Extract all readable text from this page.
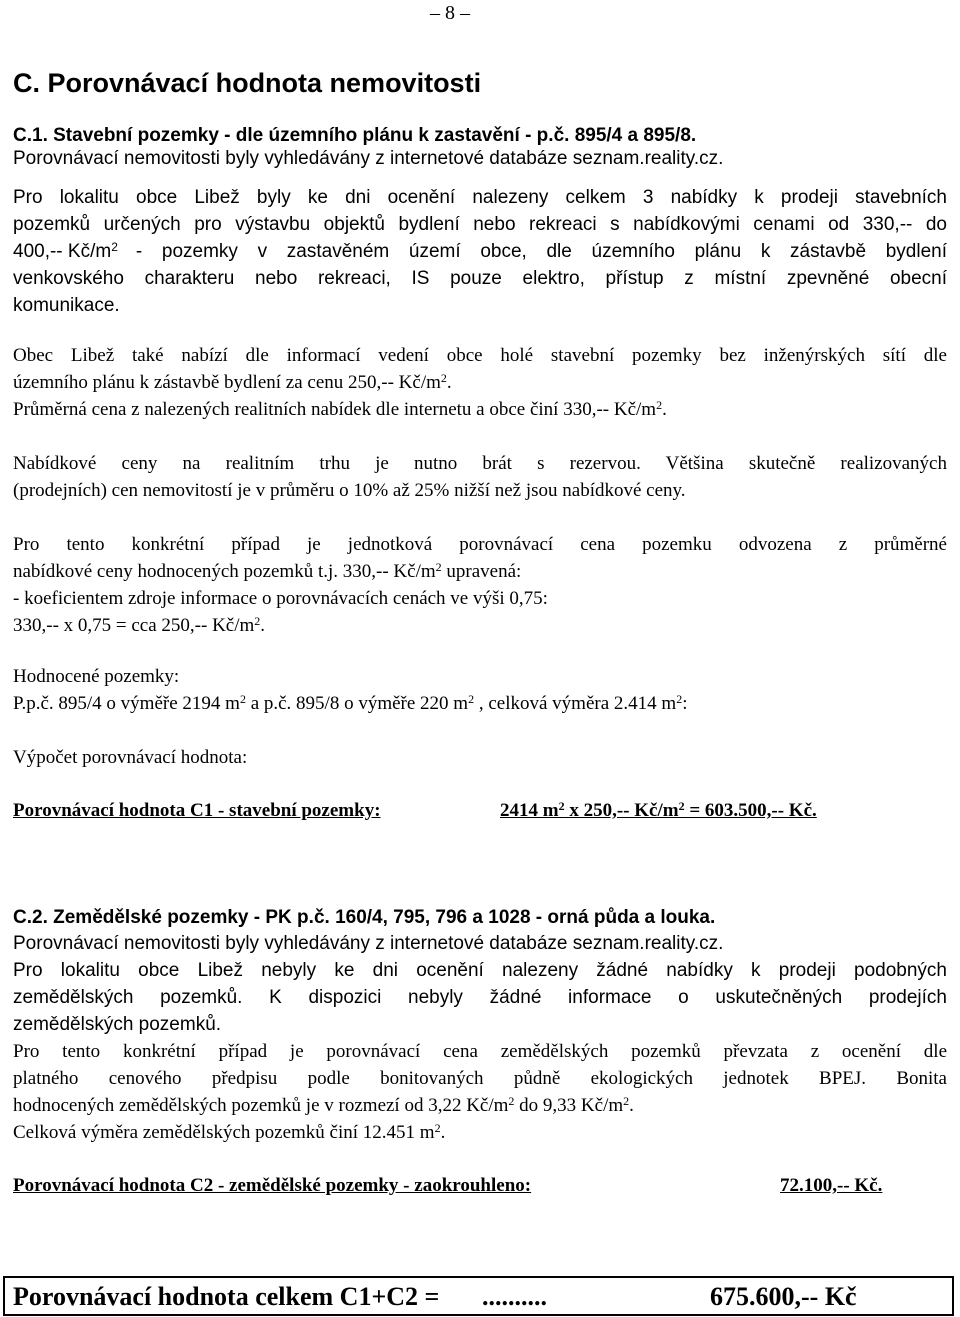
– 8 –
C. Porovnávací hodnota nemovitosti
C.1. Stavební pozemky - dle územního plánu k zastavění - p.č. 895/4 a 895/8.
Porovnávací nemovitosti byly vyhledávány z internetové databáze seznam.reality.cz.
Pro lokalitu obce Libež byly ke dni ocenění nalezeny celkem 3 nabídky k prodeji stavebních
pozemků určených pro výstavbu objektů bydlení nebo rekreaci s nabídkovými cenami od 330,-- do
400,-- $Kč/m^2$ - pozemky v zastavěném území obce, dle územního plánu k zástavbě bydlení
venkovského charakteru nebo rekreaci, IS pouze elektro, přístup z místní zpevněné obecní
komunikace.
Obec Libež také nabízí dle informací vedení obce holé stavební pozemky bez inženýrských sítí dle
územního plánu k zástavbě bydlení za cenu 250,-- $Kč/m^2$.
Průměrná cena z nalezených realitních nabídek dle internetu a obce činí 330,-- $Kč/m^2$.
Nabídkové ceny na realitním trhu je nutno brát s rezervou. Většina skutečně realizovaných
(prodejních) cen nemovitostí je v průměru o 10% až 25% nižší než jsou nabídkové ceny.
Pro tento konkrétní případ je jednotková porovnávací cena pozemku odvozena z průměrné
nabídkové ceny hodnocených pozemků t.j. 330,-- $Kč/m^2$ upravená:
- koeficientem zdroje informace o porovnávacích cenách ve výši 0,75:
330,-- x 0,75 = cca 250,-- $Kč/m^2$.
Hodnocené pozemky:
P.p.č. 895/4 o výměře 2194 $m^2$ a p.č. 895/8 o výměře 220 $m^2$ , celková výměra 2.414 $m^2$:
Výpočet porovnávací hodnota:
Porovnávací hodnota C1 - stavební pozemky:	2414 $m^2$ x 250,-- $Kč/m^2 = 603.500,--$ Kč.
C.2. Zemědělské pozemky - PK p.č. 160/4, 795, 796 a 1028 - orná půda a louka.
Porovnávací nemovitosti byly vyhledávány z internetové databáze seznam.reality.cz.
Pro lokalitu obce Libež nebyly ke dni ocenění nalezeny žádné nabídky k prodeji podobných
zemědělských pozemků. K dispozici nebyly žádné informace o uskutečněných prodejích
zemědělských pozemků.
Pro tento konkrétní případ je porovnávací cena zemědělských pozemků převzata z ocenění dle
platného cenového předpisu podle bonitovaných půdně ekologických jednotek BPEJ. Bonita
hodnocených zemědělských pozemků je v rozmezí od 3,22 $Kč/m^2$ do 9,33 $Kč/m^2$.
Celková výměra zemědělských pozemků činí 12.451 $m^2$.
Porovnávací hodnota C2 - zemědělské pozemky - zaokrouhleno:	72.100,-- Kč.
Porovnávací hodnota celkem C1+C2 = ..........	675.600,-- Kč
